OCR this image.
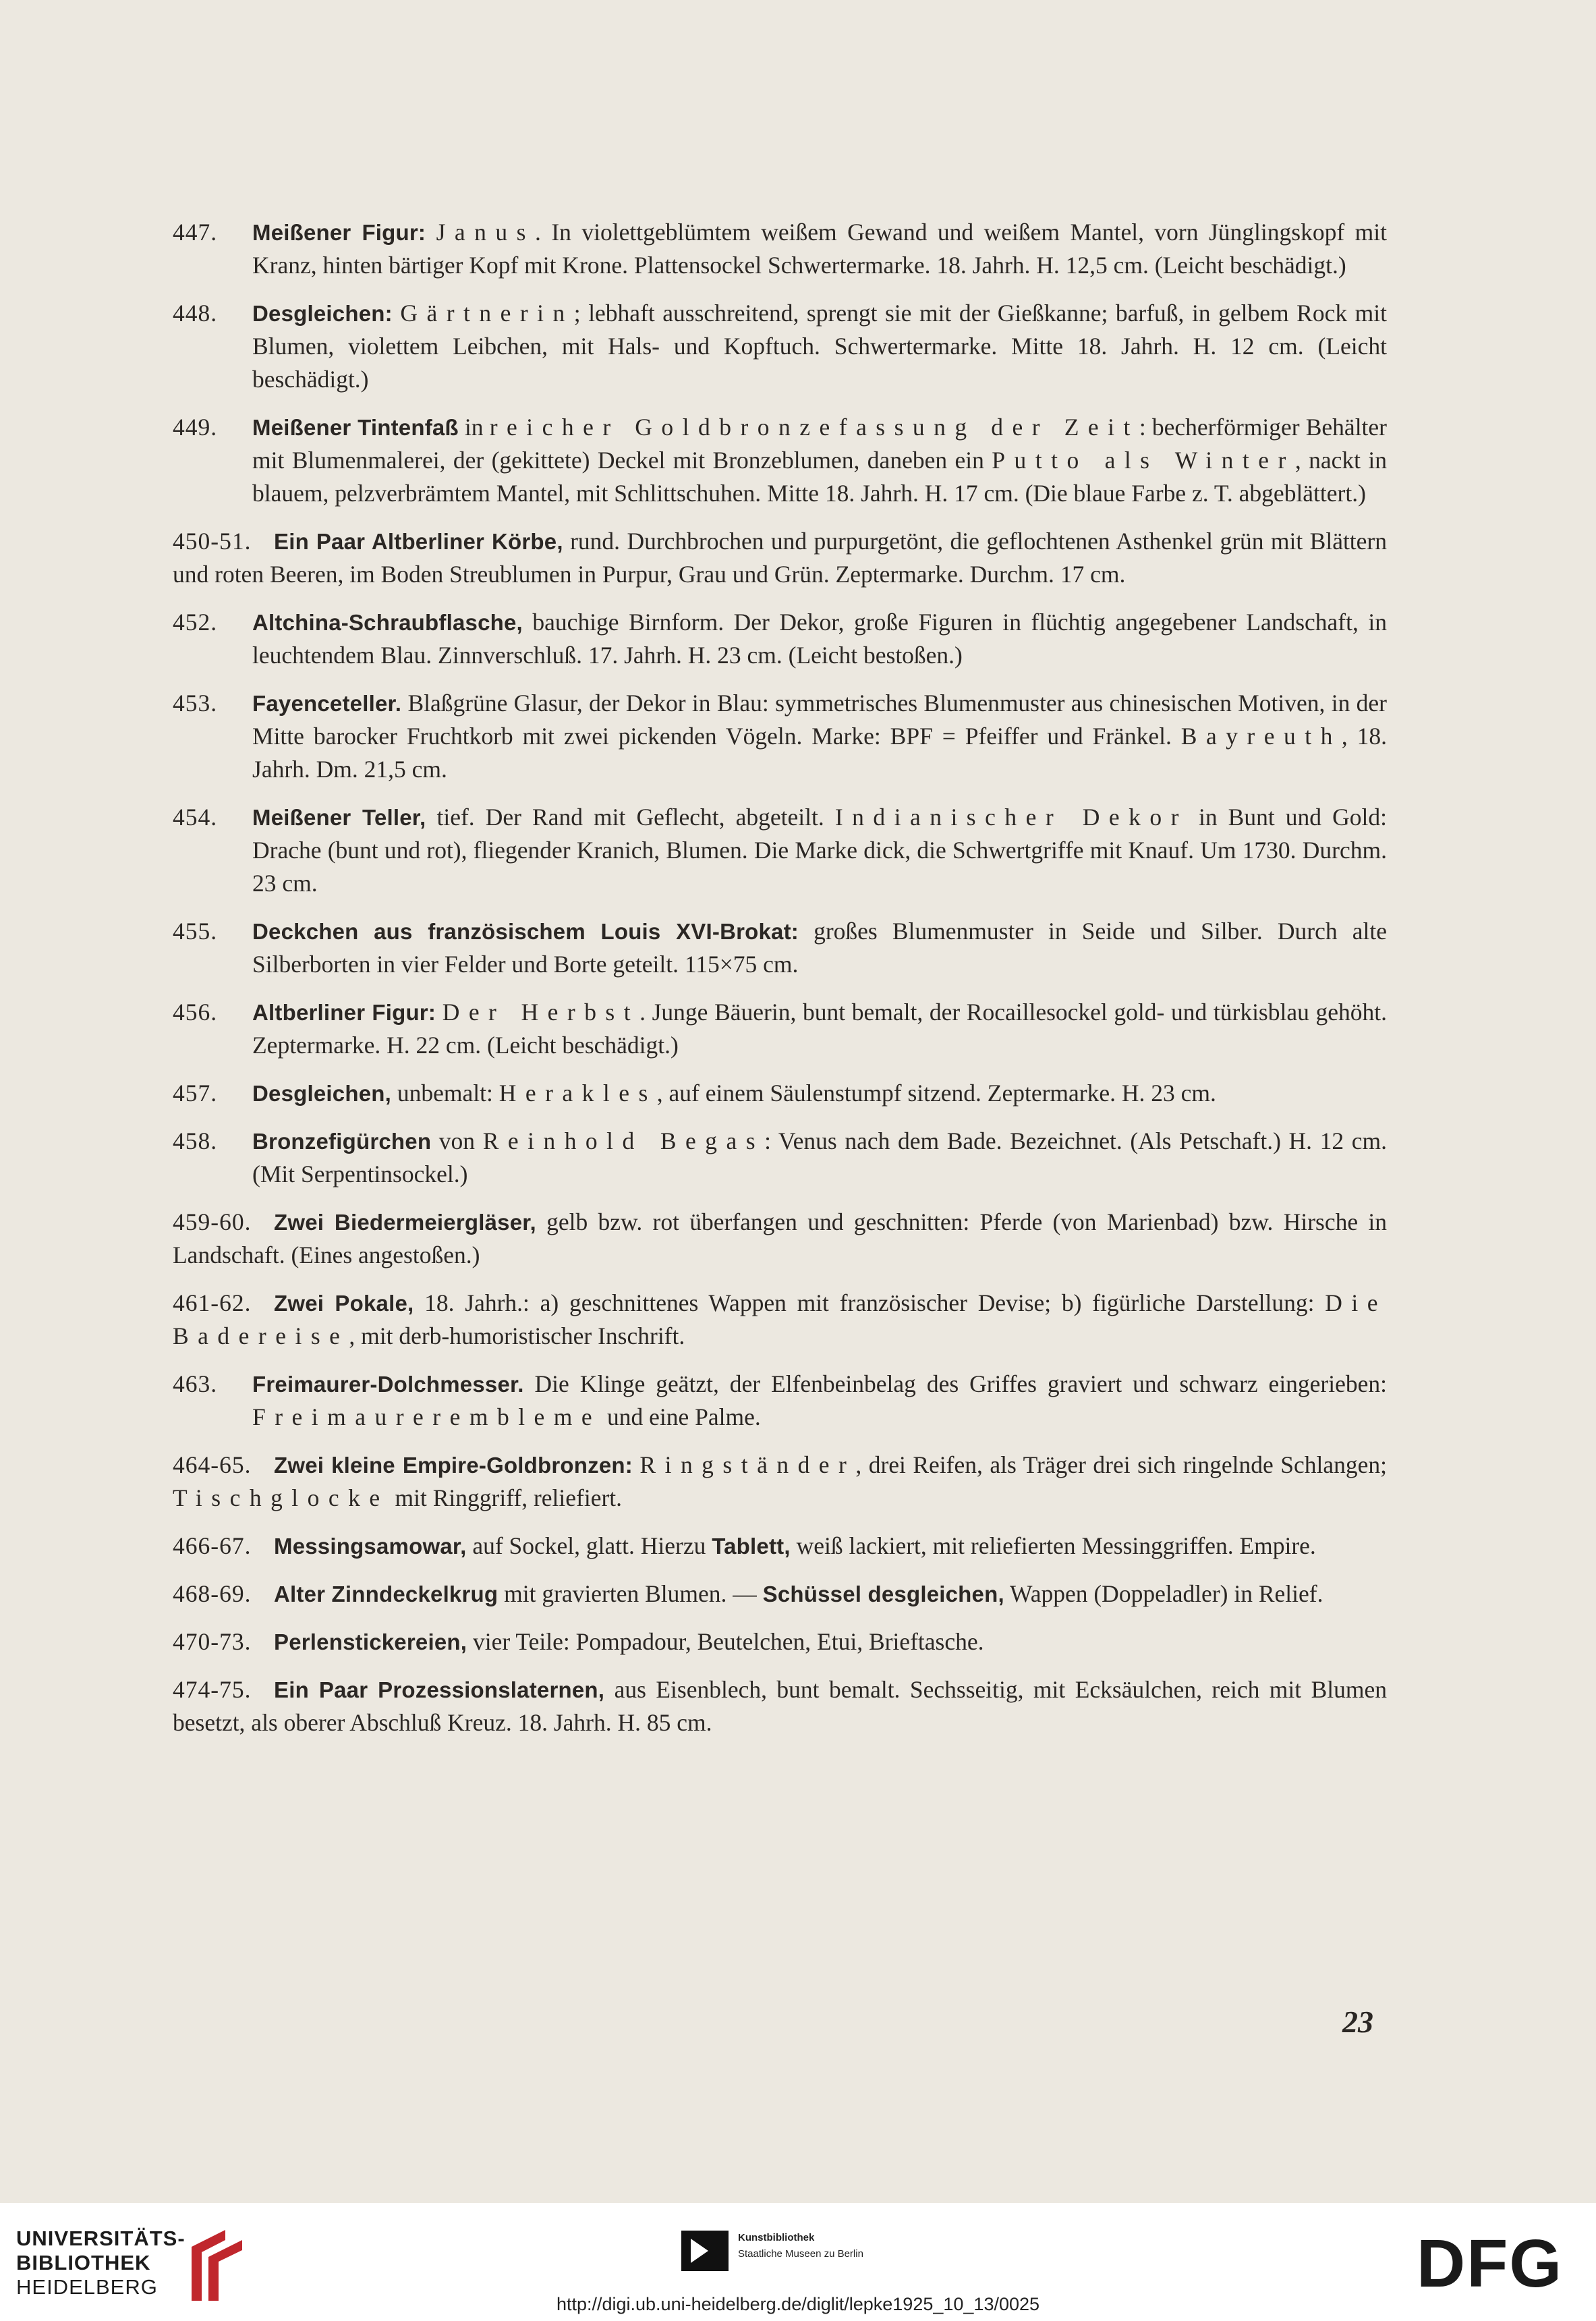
447. Meißener Figur: Janus. In violettgeblümtem weißem Gewand und weißem Mantel, vorn Jünglingskopf mit Kranz, hinten bärtiger Kopf mit Krone. Plattensockel Schwertermarke. 18. Jahrh. H. 12,5 cm. (Leicht beschädigt.)
448. Desgleichen: Gärtnerin; lebhaft ausschreitend, sprengt sie mit der Gießkanne; barfuß, in gelbem Rock mit Blumen, violettem Leibchen, mit Hals- und Kopftuch. Schwertermarke. Mitte 18. Jahrh. H. 12 cm. (Leicht beschädigt.)
449. Meißener Tintenfaß in reicher Goldbronzefassung der Zeit: becherförmiger Behälter mit Blumenmalerei, der (gekittete) Deckel mit Bronzeblumen, daneben ein Putto als Winter, nackt in blauem, pelzverbrämtem Mantel, mit Schlittschuhen. Mitte 18. Jahrh. H. 17 cm. (Die blaue Farbe z. T. abgeblättert.)
450-51.	Ein Paar Altberliner Körbe, rund. Durchbrochen und purpurgetönt, die geflochtenen Asthenkel grün mit Blättern und roten Beeren, im Boden Streublumen in Purpur, Grau und Grün. Zeptermarke. Durchm. 17 cm.
452. Altchina-Schraubflasche, bauchige Birnform. Der Dekor, große Figuren in flüchtig angegebener Landschaft, in leuchtendem Blau. Zinnverschluß. 17. Jahrh. H. 23 cm. (Leicht bestoßen.)
453. Fayenceteller. Blaßgrüne Glasur, der Dekor in Blau: symmetrisches Blumenmuster aus chinesischen Motiven, in der Mitte barocker Fruchtkorb mit zwei pickenden Vögeln. Marke: BPF = Pfeiffer und Fränkel. Bayreuth, 18. Jahrh. Dm. 21,5 cm.
454. Meißener Teller, tief. Der Rand mit Geflecht, abgeteilt. Indianischer Dekor in Bunt und Gold: Drache (bunt und rot), fliegender Kranich, Blumen. Die Marke dick, die Schwertgriffe mit Knauf. Um 1730. Durchm. 23 cm.
455. Deckchen aus französischem Louis XVI-Brokat: großes Blumenmuster in Seide und Silber. Durch alte Silberborten in vier Felder und Borte geteilt. 115×75 cm.
456. Altberliner Figur: Der Herbst. Junge Bäuerin, bunt bemalt, der Rocaillesockel gold- und türkisblau gehöht. Zeptermarke. H. 22 cm. (Leicht beschädigt.)
457. Desgleichen, unbemalt: Herakles, auf einem Säulenstumpf sitzend. Zeptermarke. H. 23 cm.
458. Bronzefigürchen von Reinhold Begas: Venus nach dem Bade. Bezeichnet. (Als Petschaft.) H. 12 cm. (Mit Serpentinsockel.)
459-60.	Zwei Biedermeiergläser, gelb bzw. rot überfangen und geschnitten: Pferde (von Marienbad) bzw. Hirsche in Landschaft. (Eines angestoßen.)
461-62.	Zwei Pokale, 18. Jahrh.: a) geschnittenes Wappen mit französischer Devise; b) figürliche Darstellung: Die Badereise, mit derb-humoristischer Inschrift.
463. Freimaurer-Dolchmesser. Die Klinge geätzt, der Elfenbeinbelag des Griffes graviert und schwarz eingerieben: Freimaurerembleme und eine Palme.
464-65.	Zwei kleine Empire-Goldbronzen: Ringständer, drei Reifen, als Träger drei sich ringelnde Schlangen; Tischglocke mit Ringgriff, reliefiert.
466-67.	Messingsamowar, auf Sockel, glatt. Hierzu Tablett, weiß lackiert, mit reliefierten Messinggriffen. Empire.
468-69.	Alter Zinndeckelkrug mit gravierten Blumen. — Schüssel desgleichen, Wappen (Doppeladler) in Relief.
470-73.	Perlenstickereien, vier Teile: Pompadour, Beutelchen, Etui, Brieftasche.
474-75.	Ein Paar Prozessionslaternen, aus Eisenblech, bunt bemalt. Sechsseitig, mit Ecksäulchen, reich mit Blumen besetzt, als oberer Abschluß Kreuz. 18. Jahrh. H. 85 cm.
23
UNIVERSITÄTS-
BIBLIOTHEK
HEIDELBERG
Kunstbibliothek
Staatliche Museen zu Berlin	DFG
http://digi.ub.uni-heidelberg.de/diglit/lepke1925_10_13/0025
